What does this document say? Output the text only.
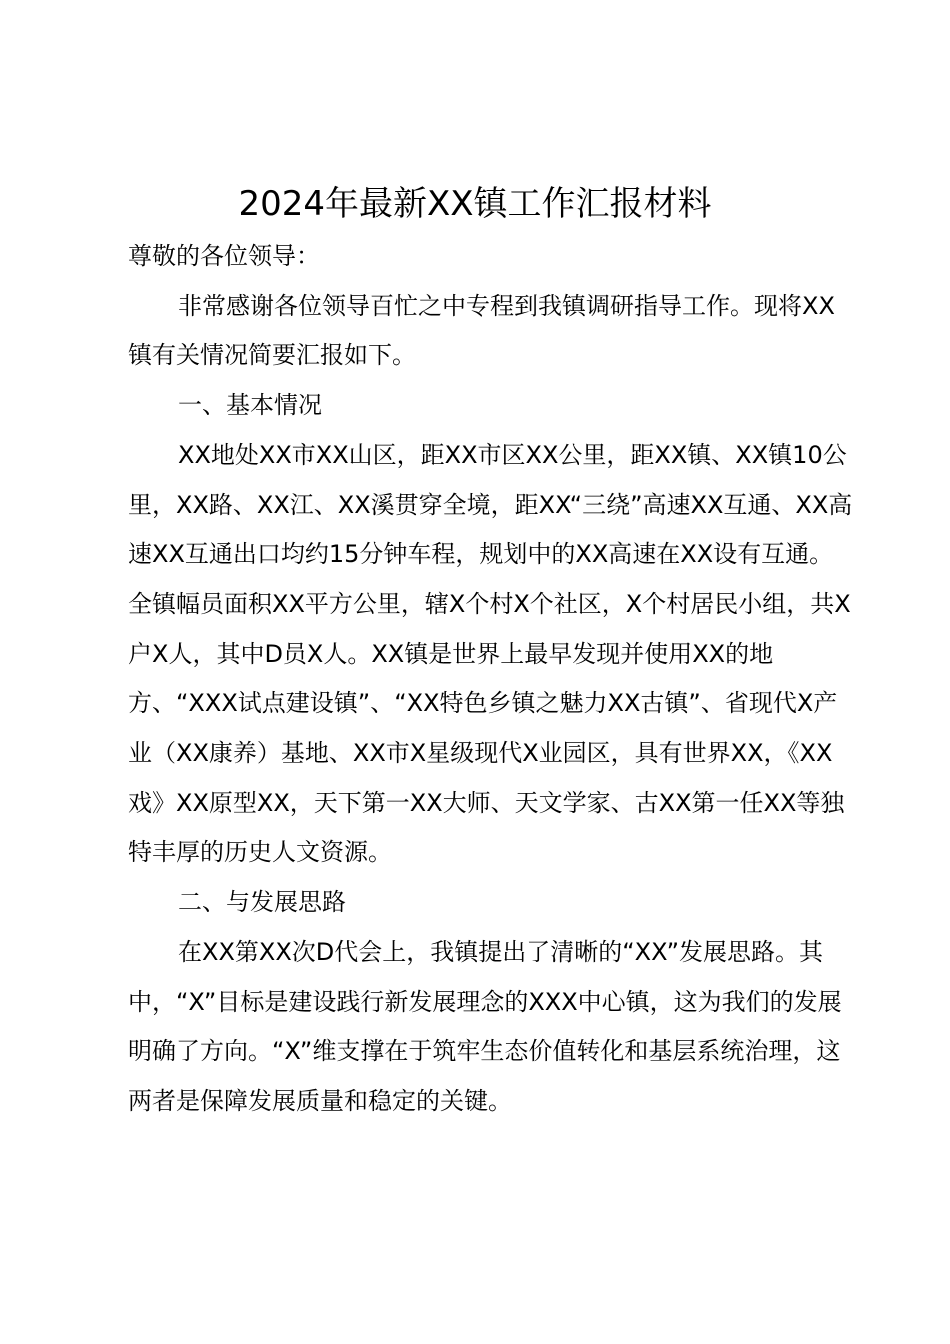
2024年最新XX镇工作汇报材料

尊敬的各位领导：

非常感谢各位领导百忙之中专程到我镇调研指导工作。现将XX镇有关情况简要汇报如下。

一、基本情况

XX地处XX市XX山区，距XX市区XX公里，距XX镇、XX镇10公里，XX路、XX江、XX溪贯穿全境，距XX“三绕”高速XX互通、XX高速XX互通出口均约15分钟车程，规划中的XX高速在XX设有互通。全镇幅员面积XX平方公里，辖X个村X个社区，X个村居民小组，共X户X人，其中D员X人。XX镇是世界上最早发现并使用XX的地方、“XXX试点建设镇”、“XX特色乡镇之魅力XX古镇”、省现代X产业（XX康养）基地、XX市X星级现代X业园区，具有世界XX，《XX戏》XX原型XX，天下第一XX大师、天文学家、古XX第一任XX等独特丰厚的历史人文资源。

二、与发展思路

在XX第XX次D代会上，我镇提出了清晰的“XX”发展思路。其中，“X”目标是建设践行新发展理念的XXX中心镇，这为我们的发展明确了方向。“X”维支撑在于筑牢生态价值转化和基层系统治理，这两者是保障发展质量和稳定的关键。
